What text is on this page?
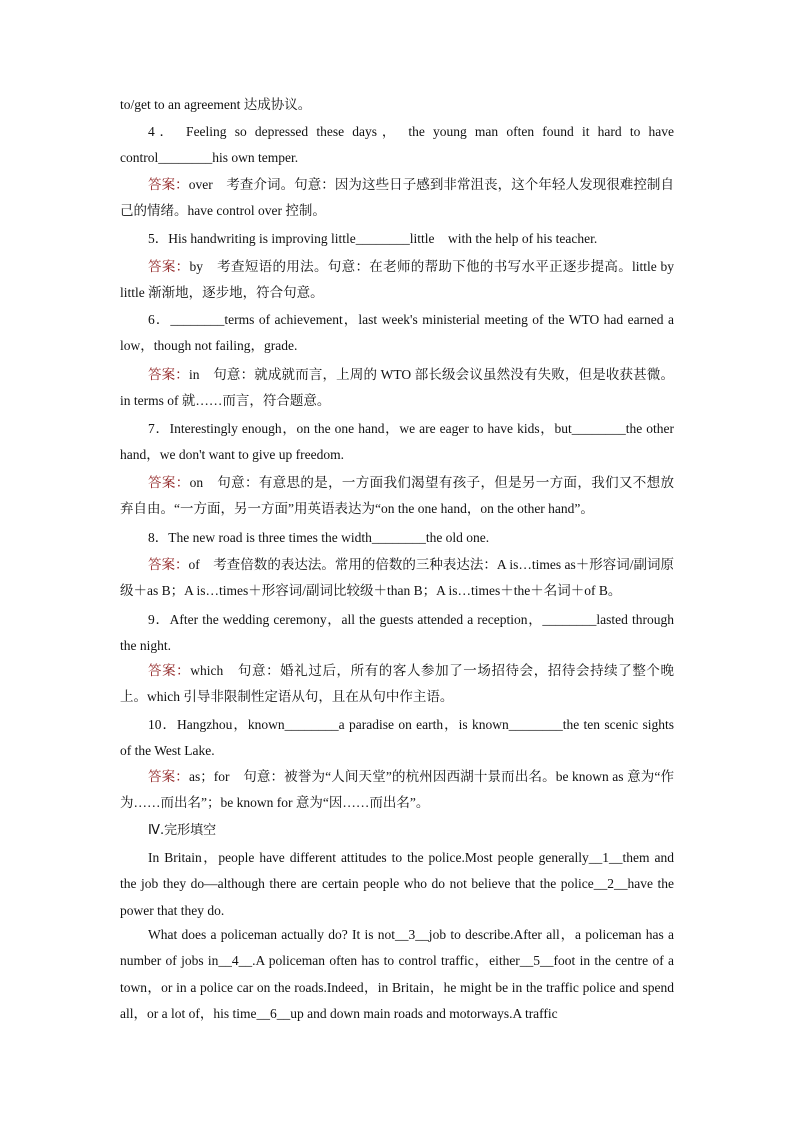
to/get to an agreement 达成协议。

4． Feeling so depressed these days， the young man often found it hard to have control________his own temper.

答案：over　考查介词。句意：因为这些日子感到非常沮丧，这个年轻人发现很难控制自己的情绪。have control over 控制。

5．His handwriting is improving little________little　with the help of his teacher.

答案：by　考查短语的用法。句意：在老师的帮助下他的书写水平正逐步提高。little by little 渐渐地，逐步地，符合句意。

6．________terms of achievement，last week's ministerial meeting of the WTO had earned a low，though not failing，grade.

答案：in　句意：就成就而言，上周的 WTO 部长级会议虽然没有失败，但是收获甚微。in terms of 就……而言，符合题意。

7．Interestingly enough，on the one hand，we are eager to have kids，but________the other hand，we don't want to give up freedom.

答案：on　句意：有意思的是，一方面我们渴望有孩子，但是另一方面，我们又不想放弃自由。“一方面，另一方面”用英语表达为“on the one hand，on the other hand”。

8．The new road is three times the width________the old one.

答案：of　考查倍数的表达法。常用的倍数的三种表达法：A is…times as＋形容词/副词原级＋as B；A is…times＋形容词/副词比较级＋than B；A is…times＋the＋名词＋of B。

9．After the wedding ceremony，all the guests attended a reception，________lasted through the night.

答案：which　句意：婚礼过后，所有的客人参加了一场招待会，招待会持续了整个晚上。which 引导非限制性定语从句，且在从句中作主语。

10．Hangzhou，known________a paradise on earth，is known________the ten scenic sights of the West Lake.

答案：as；for　句意：被誉为“人间天堂”的杭州因西湖十景而出名。be known as 意为“作为……而出名”；be known for 意为“因……而出名”。

Ⅳ.完形填空

In Britain，people have different attitudes to the police.Most people generally__1__them and the job they do—although there are certain people who do not believe that the police__2__have the power that they do.

What does a policeman actually do? It is not__3__job to describe.After all，a policeman has a number of jobs in__4__.A policeman often has to control traffic，either__5__foot in the centre of a town，or in a police car on the roads.Indeed，in Britain，he might be in the traffic police and spend all，or a lot of，his time__6__up and down main roads and motorways.A traffic
